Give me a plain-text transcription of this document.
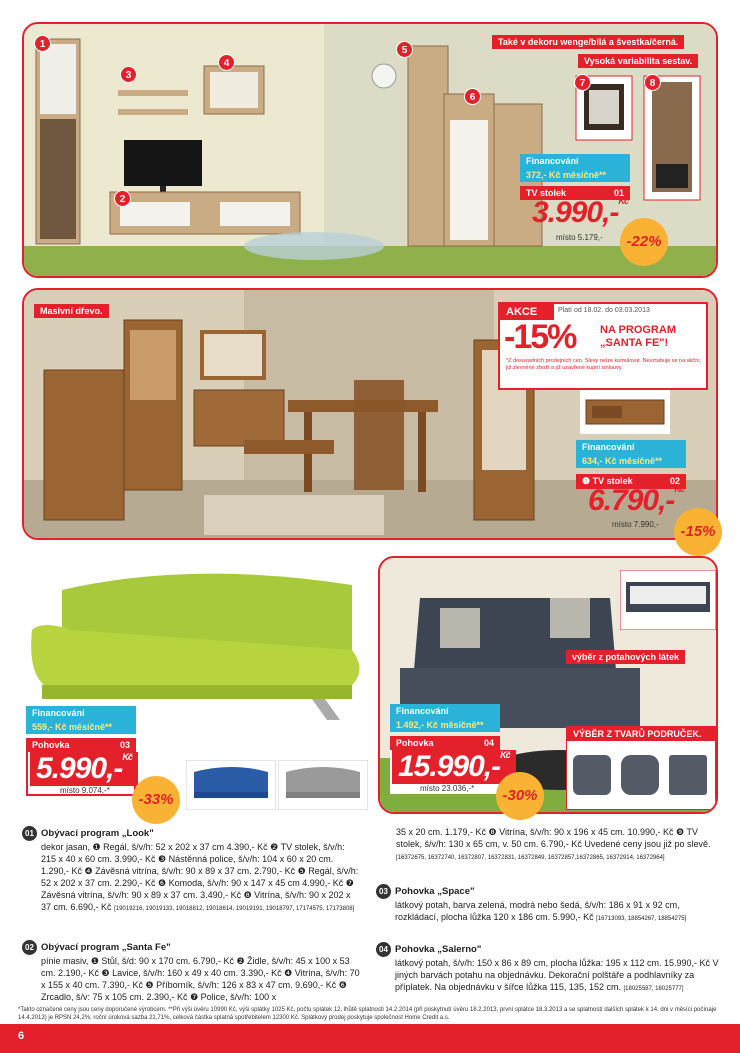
1
2
3
4
5
6
7	8
Také v dekoru wenge/bílá a švestka/černá.
Vysoká variabilita sestav.
Financování
372,- Kč měsíčně**
TV stolek	01
3.990,-$^{Kč}$
místo 5.179,-	-22%
Masivní dřevo.	AKCE	Platí od 18.02. do 03.03.2013
-15% NA PROGRAM „SANTA FE"!
*Z dosavadních prodejních cen. Slevy nelze kumulovat. Nevztahuje se na akční, již zlevněné zboží a již uzavřené kupní smlouvy.
Financování
634,- Kč měsíčně**
❶ TV stolek	02
6.790,-$^{Kč}$
místo 7.990,-	-15%
Financování
559,- Kč měsíčně**
Pohovka	03
5.990,-$^{Kč}$
místo 9.074,-*
-33%
výběr z potahových látek
VÝBĚR Z TVARŮ PODRUČEK.
Financování
1.492,- Kč měsíčně**
Pohovka	04
15.990,-$^{Kč}$
místo 23.036,-*	-30%
01 Obývací program „Look"
dekor jasan, ❶ Regál, š/v/h: 52 x 202 x 37 cm 4.390,- Kč ❷ TV stolek, š/v/h: 215 x 40 x 60 cm. 3.990,- Kč ❸ Nástěnná police, š/v/h: 104 x 60 x 20 cm. 1.290,- Kč ❹ Závěsná vitrína, š/v/h: 90 x 89 x 37 cm. 2.790,- Kč ❺ Regál, š/v/h: 52 x 202 x 37 cm. 2.290,- Kč ❻ Komoda, š/v/h: 90 x 147 x 45 cm 4.990,- Kč ❼ Závěsná vitrína, š/v/h: 90 x 89 x 37 cm. 3.490,- Kč ❽ Vitrína, š/v/h: 90 x 202 x 37 cm. 6.690,- Kč [19019216, 19019133, 19018812, 19018614, 19019191, 19018797, 17174575, 17173808]
02 Obývací program „Santa Fe"
pínie masiv, ❶ Stůl, š/d: 90 x 170 cm. 6.790,- Kč ❷ Židle, š/v/h: 45 x 100 x 53 cm. 2.190,- Kč ❸ Lavice, š/v/h: 160 x 49 x 40 cm. 3.390,- Kč ❹ Vitrína, š/v/h: 70 x 155 x 40 cm. 7.390,- Kč ❺ Příborník, š/v/h: 126 x 83 x 47 cm. 9.690,- Kč ❻ Zrcadlo, š/v: 75 x 105 cm. 2.390,- Kč ❼ Police, š/v/h: 100 x
35 x 20 cm. 1.179,- Kč ❽ Vitrína, š/v/h: 90 x 196 x 45 cm. 10.990,- Kč ❾ TV stolek, š/v/h: 130 x 65 cm, v. 50 cm. 6.790,- Kč Uvedené ceny jsou již po slevě. [16372675, 16372740, 16372807, 16372831, 16372849, 16372857,16372865, 16372914, 16372964]
03 Pohovka „Space"
látkový potah, barva zelená, modrá nebo šedá, š/v/h: 186 x 91 x 92 cm, rozkládací, plocha lůžka 120 x 186 cm. 5.990,- Kč [16713093, 18854267, 18854275]
04 Pohovka „Salerno"
látkový potah, š/v/h: 150 x 86 x 89 cm, plocha lůžka: 195 x 112 cm. 15.990,- Kč V jiných barvách potahu na objednávku. Dekorační polštáře a podhlavníky za příplatek. Na objednávku v šířce lůžka 115, 135, 152 cm. [18025587, 18025777]
*Takto označené ceny jsou ceny doporučené výrobcem. **Při výši úvěru 10990 Kč, výši splátky 1025 Kč, počtu splátek 12, lhůtě splatnosti 14.2.2014 (při poskytnutí úvěru 18.2.2013, první splátce 18.3.2013 a se splatností dalších splátek k 14. dni v měsíci počínaje 14.4.2013) je RPSN 24,2%, roční úroková sazba 21,71%, celková částka splatná spotřebitelem 12300 Kč. Splátkový prodej poskytuje společnost Home Credit a.s.
6
